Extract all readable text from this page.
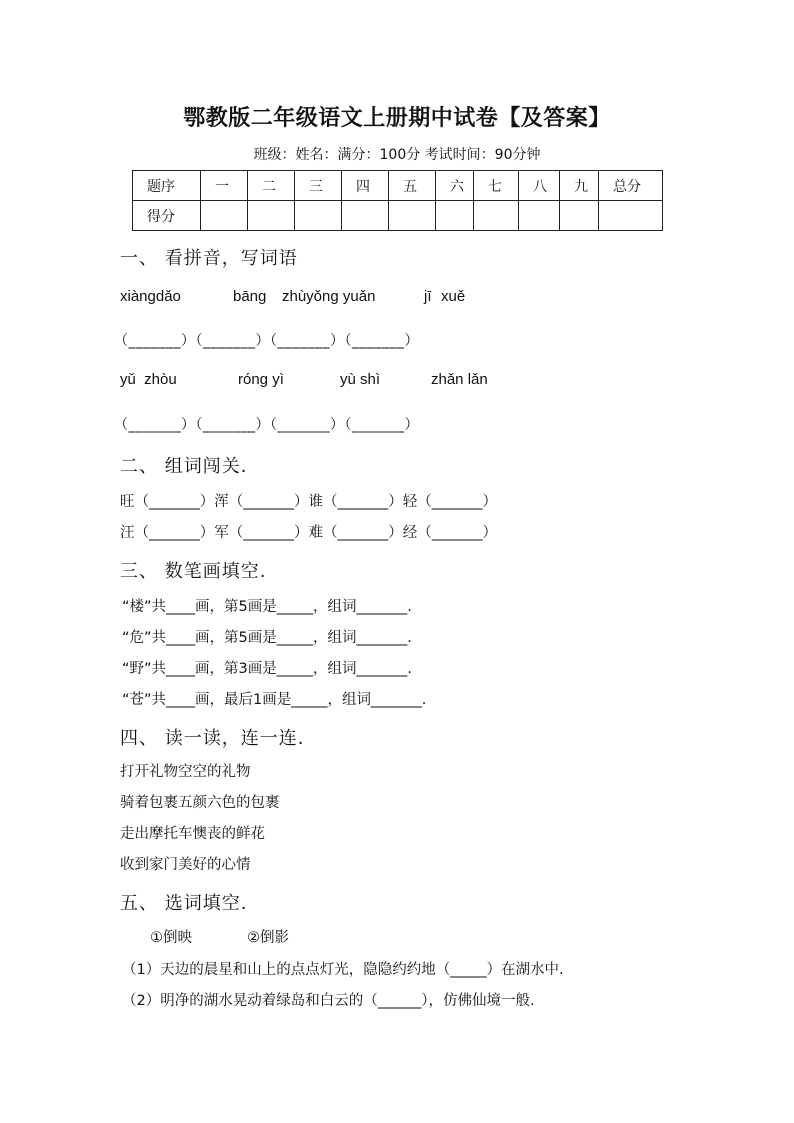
鄂教版二年级语文上册期中试卷【及答案】
班级：姓名：满分：100分 考试时间：90分钟
题序	一	二	三	四	五	六	七	八	九	总分
得分										
一、 看拼音，写词语
xiàngdǎo	bāng zhùyǒng yuǎn	jī xuě
（_______）（_______）（_______）（_______）
yǔ  zhòu	róng yì	yù shì	zhǎn lǎn
（_______）（_______）（_______）（_______）
二、 组词闯关.
旺（_______）浑（_______）谁（_______）轻（_______）
汪（_______）军（_______）难（_______）经（_______）
三、 数笔画填空.
“楼”共____画，第5画是_____，组词_______.
“危”共____画，第5画是_____，组词_______.
“野”共____画，第3画是_____，组词_______.
“苍”共____画，最后1画是_____，组词_______.
四、 读一读，连一连.
打开礼物空空的礼物
骑着包裹五颜六色的包裹
走出摩托车懊丧的鲜花
收到家门美好的心情
五、 选词填空.
①倒映	②倒影
（1）天边的晨星和山上的点点灯光，隐隐约约地（_____）在湖水中.
（2）明净的湖水晃动着绿岛和白云的（______），仿佛仙境一般.
